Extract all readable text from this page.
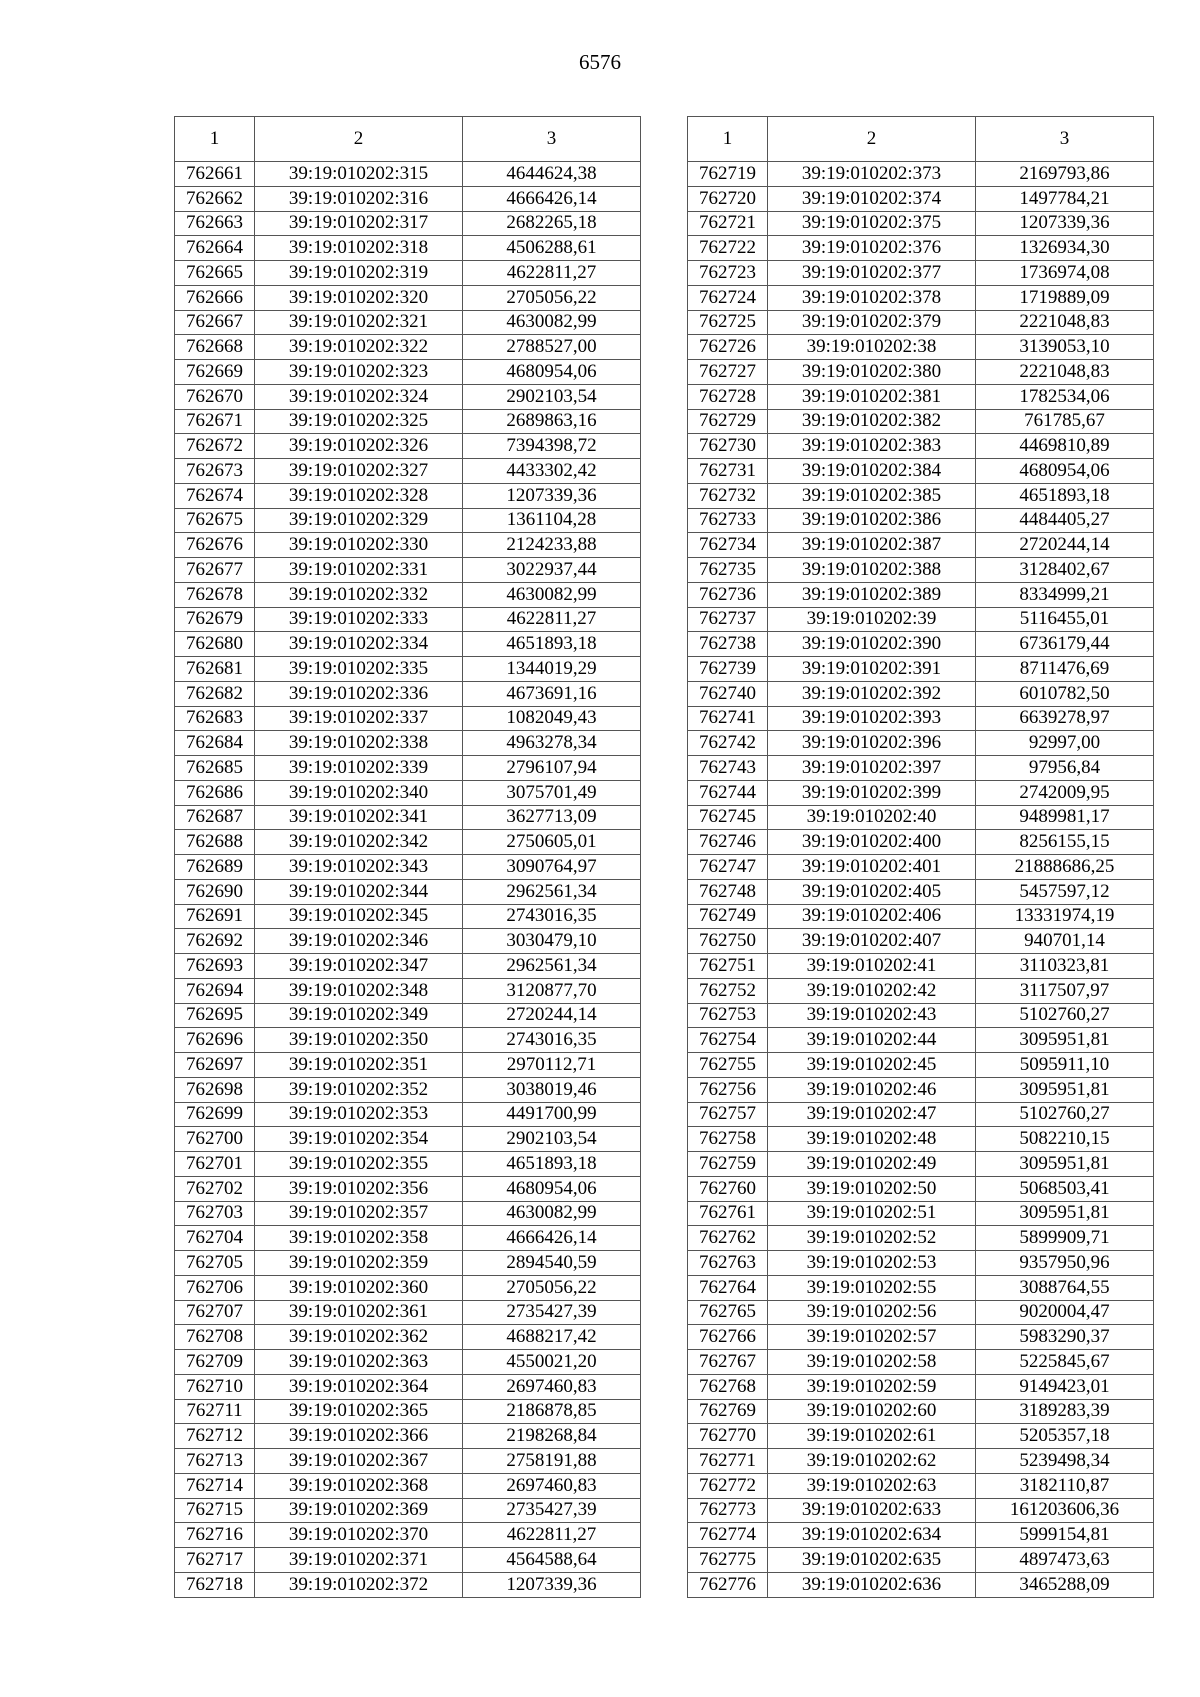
6576
1	2	3
762661	39:19:010202:315	4644624,38
762662	39:19:010202:316	4666426,14
762663	39:19:010202:317	2682265,18
762664	39:19:010202:318	4506288,61
762665	39:19:010202:319	4622811,27
762666	39:19:010202:320	2705056,22
762667	39:19:010202:321	4630082,99
762668	39:19:010202:322	2788527,00
762669	39:19:010202:323	4680954,06
762670	39:19:010202:324	2902103,54
762671	39:19:010202:325	2689863,16
762672	39:19:010202:326	7394398,72
762673	39:19:010202:327	4433302,42
762674	39:19:010202:328	1207339,36
762675	39:19:010202:329	1361104,28
762676	39:19:010202:330	2124233,88
762677	39:19:010202:331	3022937,44
762678	39:19:010202:332	4630082,99
762679	39:19:010202:333	4622811,27
762680	39:19:010202:334	4651893,18
762681	39:19:010202:335	1344019,29
762682	39:19:010202:336	4673691,16
762683	39:19:010202:337	1082049,43
762684	39:19:010202:338	4963278,34
762685	39:19:010202:339	2796107,94
762686	39:19:010202:340	3075701,49
762687	39:19:010202:341	3627713,09
762688	39:19:010202:342	2750605,01
762689	39:19:010202:343	3090764,97
762690	39:19:010202:344	2962561,34
762691	39:19:010202:345	2743016,35
762692	39:19:010202:346	3030479,10
762693	39:19:010202:347	2962561,34
762694	39:19:010202:348	3120877,70
762695	39:19:010202:349	2720244,14
762696	39:19:010202:350	2743016,35
762697	39:19:010202:351	2970112,71
762698	39:19:010202:352	3038019,46
762699	39:19:010202:353	4491700,99
762700	39:19:010202:354	2902103,54
762701	39:19:010202:355	4651893,18
762702	39:19:010202:356	4680954,06
762703	39:19:010202:357	4630082,99
762704	39:19:010202:358	4666426,14
762705	39:19:010202:359	2894540,59
762706	39:19:010202:360	2705056,22
762707	39:19:010202:361	2735427,39
762708	39:19:010202:362	4688217,42
762709	39:19:010202:363	4550021,20
762710	39:19:010202:364	2697460,83
762711	39:19:010202:365	2186878,85
762712	39:19:010202:366	2198268,84
762713	39:19:010202:367	2758191,88
762714	39:19:010202:368	2697460,83
762715	39:19:010202:369	2735427,39
762716	39:19:010202:370	4622811,27
762717	39:19:010202:371	4564588,64
762718	39:19:010202:372	1207339,36
1	2	3
762719	39:19:010202:373	2169793,86
762720	39:19:010202:374	1497784,21
762721	39:19:010202:375	1207339,36
762722	39:19:010202:376	1326934,30
762723	39:19:010202:377	1736974,08
762724	39:19:010202:378	1719889,09
762725	39:19:010202:379	2221048,83
762726	39:19:010202:38	3139053,10
762727	39:19:010202:380	2221048,83
762728	39:19:010202:381	1782534,06
762729	39:19:010202:382	761785,67
762730	39:19:010202:383	4469810,89
762731	39:19:010202:384	4680954,06
762732	39:19:010202:385	4651893,18
762733	39:19:010202:386	4484405,27
762734	39:19:010202:387	2720244,14
762735	39:19:010202:388	3128402,67
762736	39:19:010202:389	8334999,21
762737	39:19:010202:39	5116455,01
762738	39:19:010202:390	6736179,44
762739	39:19:010202:391	8711476,69
762740	39:19:010202:392	6010782,50
762741	39:19:010202:393	6639278,97
762742	39:19:010202:396	92997,00
762743	39:19:010202:397	97956,84
762744	39:19:010202:399	2742009,95
762745	39:19:010202:40	9489981,17
762746	39:19:010202:400	8256155,15
762747	39:19:010202:401	21888686,25
762748	39:19:010202:405	5457597,12
762749	39:19:010202:406	13331974,19
762750	39:19:010202:407	940701,14
762751	39:19:010202:41	3110323,81
762752	39:19:010202:42	3117507,97
762753	39:19:010202:43	5102760,27
762754	39:19:010202:44	3095951,81
762755	39:19:010202:45	5095911,10
762756	39:19:010202:46	3095951,81
762757	39:19:010202:47	5102760,27
762758	39:19:010202:48	5082210,15
762759	39:19:010202:49	3095951,81
762760	39:19:010202:50	5068503,41
762761	39:19:010202:51	3095951,81
762762	39:19:010202:52	5899909,71
762763	39:19:010202:53	9357950,96
762764	39:19:010202:55	3088764,55
762765	39:19:010202:56	9020004,47
762766	39:19:010202:57	5983290,37
762767	39:19:010202:58	5225845,67
762768	39:19:010202:59	9149423,01
762769	39:19:010202:60	3189283,39
762770	39:19:010202:61	5205357,18
762771	39:19:010202:62	5239498,34
762772	39:19:010202:63	3182110,87
762773	39:19:010202:633	161203606,36
762774	39:19:010202:634	5999154,81
762775	39:19:010202:635	4897473,63
762776	39:19:010202:636	3465288,09
